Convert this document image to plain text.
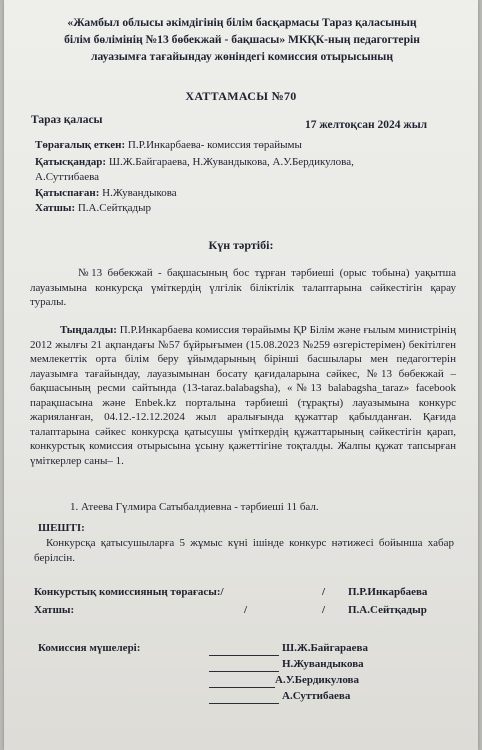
«Жамбыл облысы әкімдігінің білім басқармасы Тараз қаласының
білім бөлімінің №13 бөбекжай - бақшасы» МКҚК-ның педагогтерін
лауазымға тағайындау жөніндегі комиссия отырысының
ХАТТАМАСЫ №70
Тараз қаласы	17 желтоқсан 2024 жыл
Төрағалық еткен: П.Р.Инкарбаева- комиссия төрайымы
Қатысқандар: Ш.Ж.Байгараева, Н.Жувандыкова, А.У.Бердикулова,
А.Суттибаева
Қатыспаған: Н.Жувандыкова
Хатшы: П.А.Сейтқадыр
Күн тәртібі:
№13 бөбекжай - бақшасының бос тұрған тәрбиеші (орыс тобына) уақытша лауазымына конкурсқа үміткердің үлгілік біліктілік талаптарына сәйкестігін қарау туралы.
Тыңдалды: П.Р.Инкарбаева комиссия төрайымы ҚР Білім және ғылым министрінің 2012 жылғы 21 ақпандағы №57 бұйрығымен (15.08.2023 №259 өзгерістерімен) бекітілген мемлекеттік орта білім беру ұйымдарының бірінші басшылары мен педагогтерін лауазымға тағайындау, лауазымынан босату қағидаларына сәйкес, №13 бөбекжай – бақшасының ресми сайтында (13-taraz.balabagsha), «№13 balabagsha_taraz» facebook парақшасына және Enbek.kz порталына тәрбиеші (тұрақты) лауазымына конкурс жарияланған, 04.12.-12.12.2024 жыл аралығында құжаттар қабылданған. Қағида талаптарына сәйкес конкурсқа қатысушы үміткердің құжаттарының сәйкестігін қарап, конкурстық комиссия отырысына ұсыну қажеттігіне тоқталды. Жалпы құжат тапсырған үміткерлер саны– 1.
1. Атеева Гүлмира Сатыбалдиевна - тәрбиеші 11 бал.
ШЕШТІ:
Конкурсқа қатысушыларға 5 жұмыс күні ішінде конкурс нәтижесі бойынша хабар берілсін.
Конкурстық комиссияның төрағасы:/	/ П.Р.Инкарбаева
Хатшы:	/	/ П.А.Сейтқадыр
Комиссия мүшелері:	Ш.Ж.Байгараева
Н.Жувандыкова
А.У.Бердикулова
А.Суттибаева
